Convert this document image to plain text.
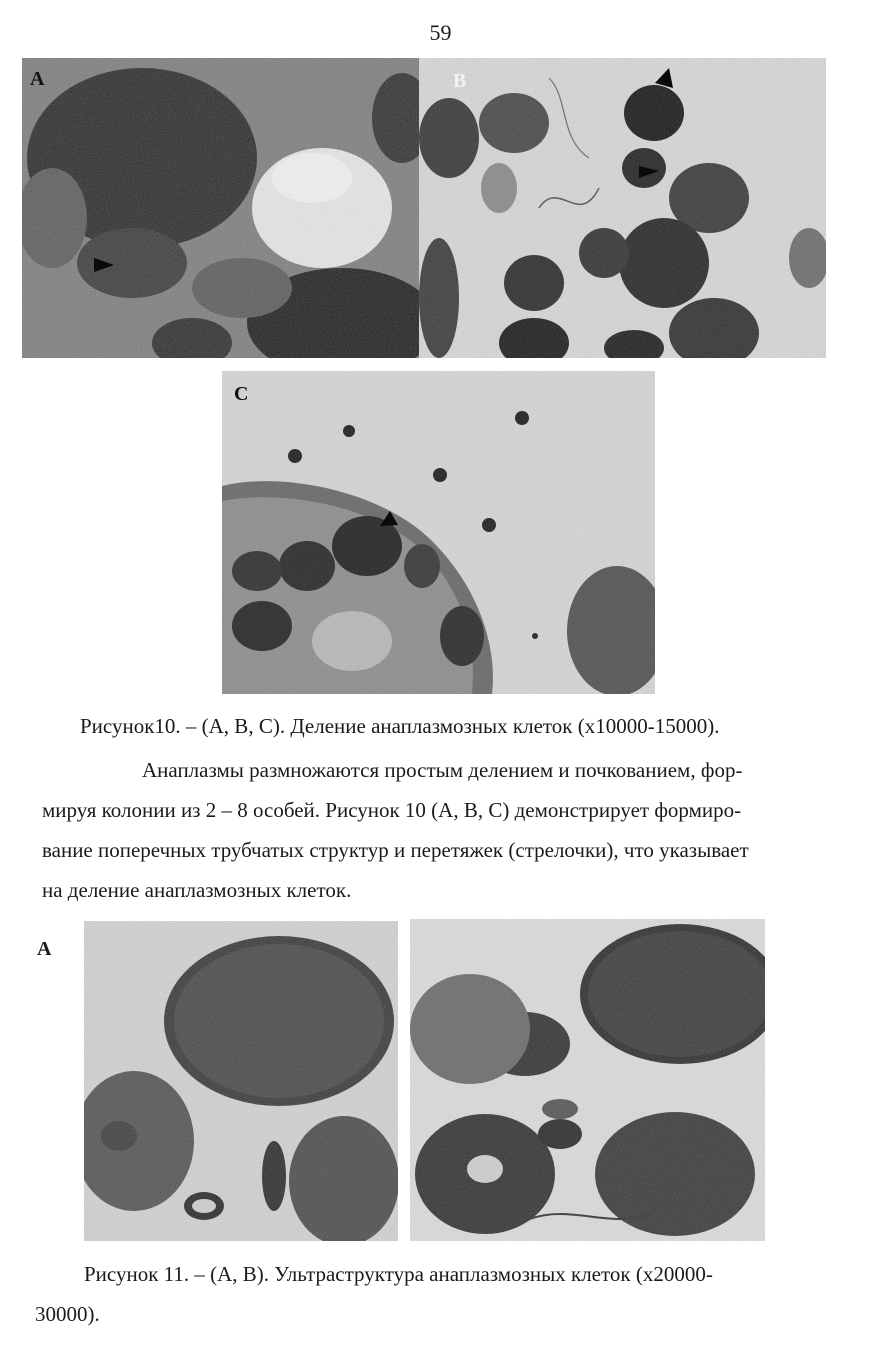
59
A	B
C
Рисунок10. – (A, B, C). Деление анаплазмозных клеток (x10000-15000).
Анаплазмы размножаются простым делением и почкованием, фор-
мируя колонии из 2 – 8 особей. Рисунок 10 (A, B, C) демонстрирует формиро-
вание поперечных трубчатых структур и перетяжек (стрелочки), что указывает
на деление анаплазмозных клеток.
A
Рисунок 11. – (A, B). Ультраструктура анаплазмозных клеток (x20000-
30000).
